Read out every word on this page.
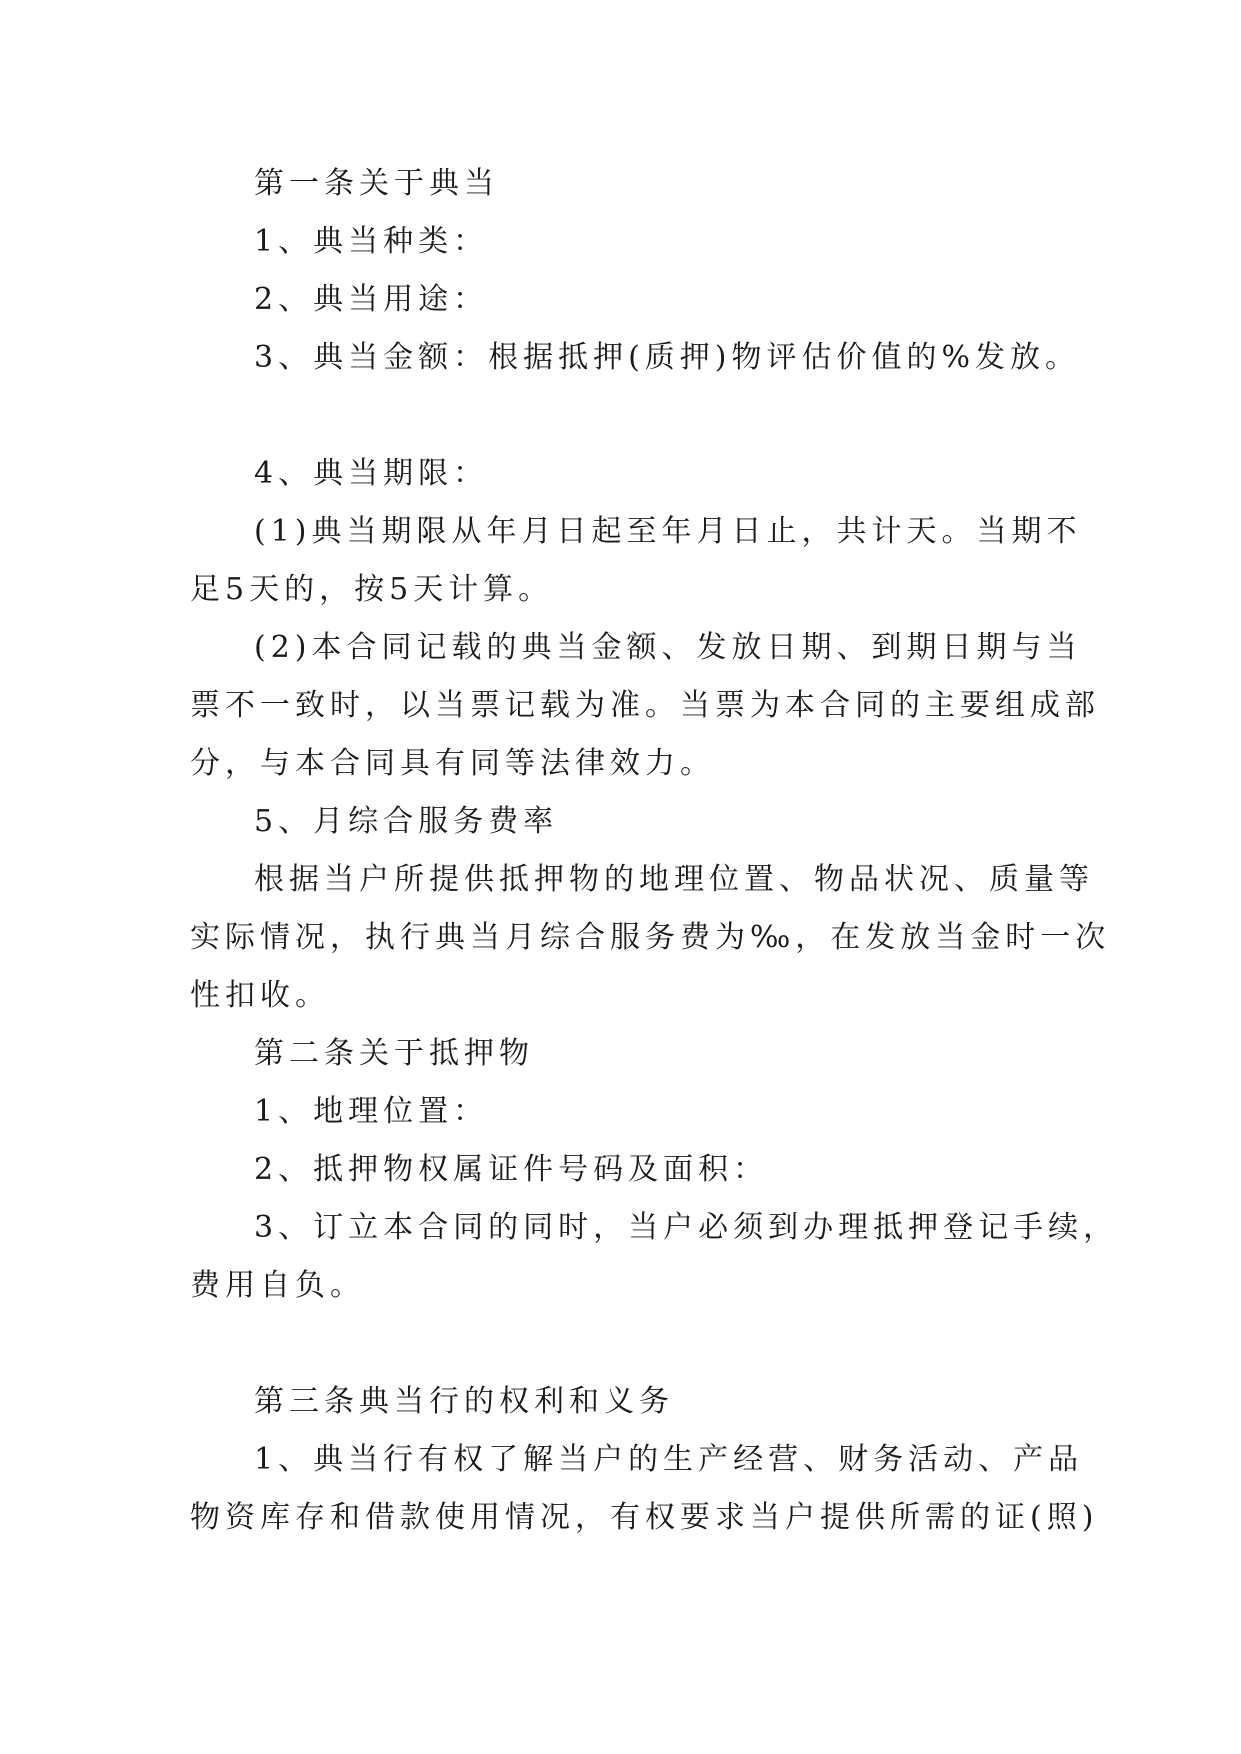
第一条关于典当
1、典当种类：
2、典当用途：
3、典当金额：根据抵押(质押)物评估价值的%发放。
4、典当期限：
(1)典当期限从年月日起至年月日止，共计天。当期不
足5天的，按5天计算。
(2)本合同记载的典当金额、发放日期、到期日期与当
票不一致时，以当票记载为准。当票为本合同的主要组成部
分，与本合同具有同等法律效力。
5、月综合服务费率
根据当户所提供抵押物的地理位置、物品状况、质量等
实际情况，执行典当月综合服务费为‰，在发放当金时一次
性扣收。
第二条关于抵押物
1、地理位置：
2、抵押物权属证件号码及面积：
3、订立本合同的同时，当户必须到办理抵押登记手续，
费用自负。
第三条典当行的权利和义务
1、典当行有权了解当户的生产经营、财务活动、产品
物资库存和借款使用情况，有权要求当户提供所需的证(照)
